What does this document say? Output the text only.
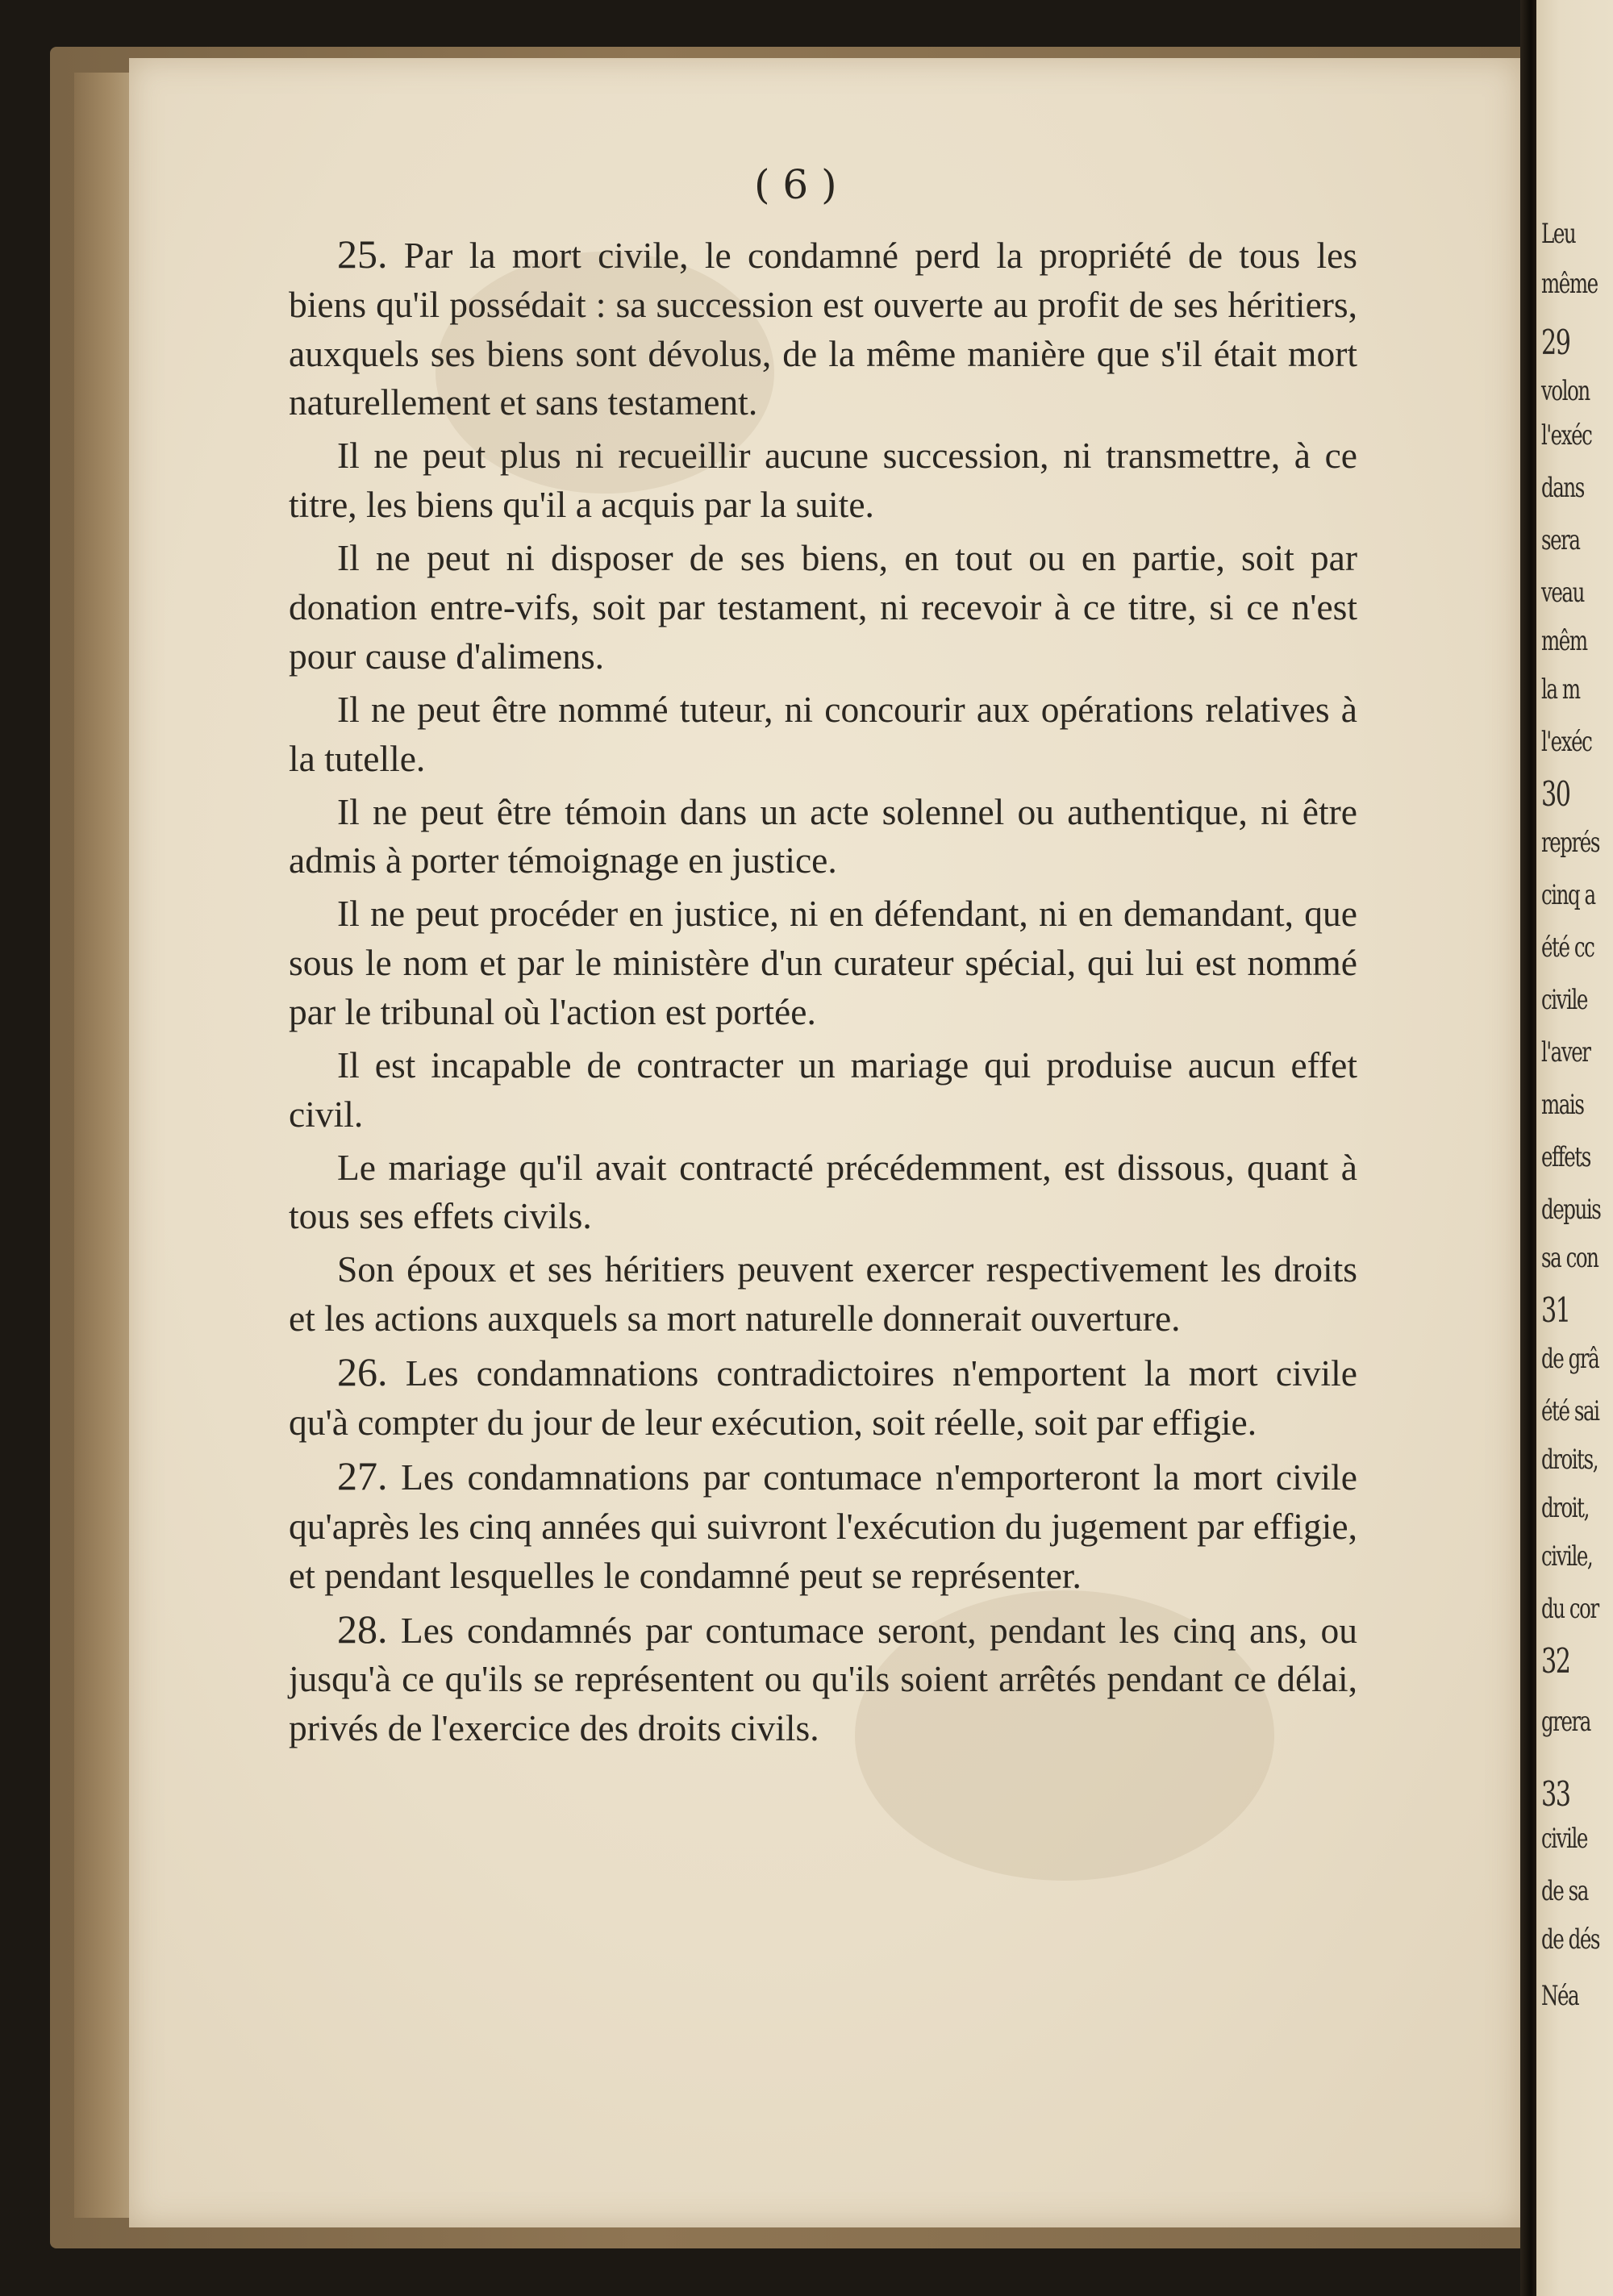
( 6 )

25. Par la mort civile, le condamné perd la propriété de tous les biens qu'il possédait : sa succession est ouverte au profit de ses héritiers, auxquels ses biens sont dévolus, de la même manière que s'il était mort naturellement et sans testament.

Il ne peut plus ni recueillir aucune succession, ni transmettre, à ce titre, les biens qu'il a acquis par la suite.

Il ne peut ni disposer de ses biens, en tout ou en partie, soit par donation entre-vifs, soit par testament, ni recevoir à ce titre, si ce n'est pour cause d'alimens.

Il ne peut être nommé tuteur, ni concourir aux opérations relatives à la tutelle.

Il ne peut être témoin dans un acte solennel ou authentique, ni être admis à porter témoignage en justice.

Il ne peut procéder en justice, ni en défendant, ni en demandant, que sous le nom et par le ministère d'un curateur spécial, qui lui est nommé par le tribunal où l'action est portée.

Il est incapable de contracter un mariage qui produise aucun effet civil.

Le mariage qu'il avait contracté précédemment, est dissous, quant à tous ses effets civils.

Son époux et ses héritiers peuvent exercer respectivement les droits et les actions auxquels sa mort naturelle donnerait ouverture.

26. Les condamnations contradictoires n'emportent la mort civile qu'à compter du jour de leur exécution, soit réelle, soit par effigie.

27. Les condamnations par contumace n'emporteront la mort civile qu'après les cinq années qui suivront l'exécution du jugement par effigie, et pendant lesquelles le condamné peut se représenter.

28. Les condamnés par contumace seront, pendant les cinq ans, ou jusqu'à ce qu'ils se représentent ou qu'ils soient arrêtés pendant ce délai, privés de l'exercice des droits civils.

Leu

même

29

volon

l'exéc

dans

sera

veau

mêm

la m

l'exéc

30

représ

cinq a

été cc

civile

l'aver

mais

effets

depuis

sa con

31

de grâ

été sai

droits,

droit,

civile,

du cor

32

grera

33

civile

de sa

de dés

Néa
